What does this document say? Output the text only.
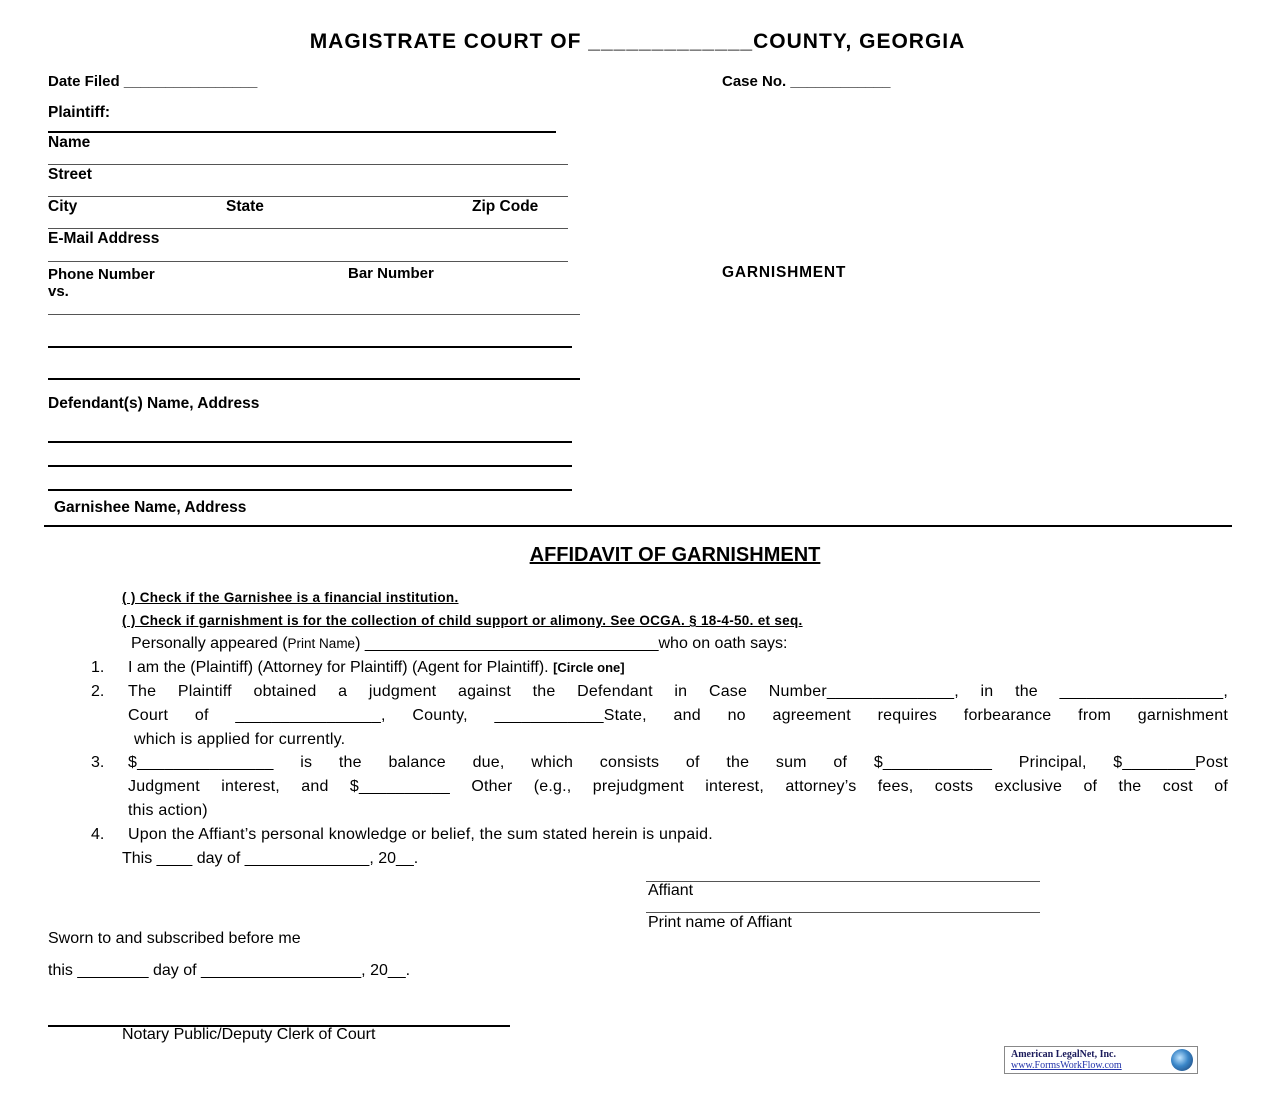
MAGISTRATE COURT OF _____________COUNTY, GEORGIA
Date Filed ________________	Case No. ____________
Plaintiff:
Name
Street
City	State	Zip Code
E-Mail Address
Phone Number	Bar Number
vs.
GARNISHMENT
Defendant(s) Name, Address
Garnishee Name, Address
AFFIDAVIT OF GARNISHMENT
( ) Check if the Garnishee is a financial institution.
( ) Check if garnishment is for the collection of child support or alimony. See OCGA. § 18-4-50. et seq.
Personally appeared (Print Name) _________________________________who on oath says:
1. I am the (Plaintiff) (Attorney for Plaintiff) (Agent for Plaintiff). [Circle one]
2. The Plaintiff obtained a judgment against the Defendant in Case Number______________, in the __________________,
Court of ________________, County, ____________State, and no agreement requires forbearance from garnishment
which is applied for currently.
3. $_______________ is the balance due, which consists of the sum of $____________ Principal, $________Post
Judgment interest, and $__________ Other (e.g., prejudgment interest, attorney’s fees, costs exclusive of the cost of
this action)
4. Upon the Affiant’s personal knowledge or belief, the sum stated herein is unpaid.
This ____ day of ______________, 20__.
Affiant
Print name of Affiant
Sworn to and subscribed before me
this ________ day of __________________, 20__.
Notary Public/Deputy Clerk of Court
American LegalNet, Inc.
www.FormsWorkFlow.com
